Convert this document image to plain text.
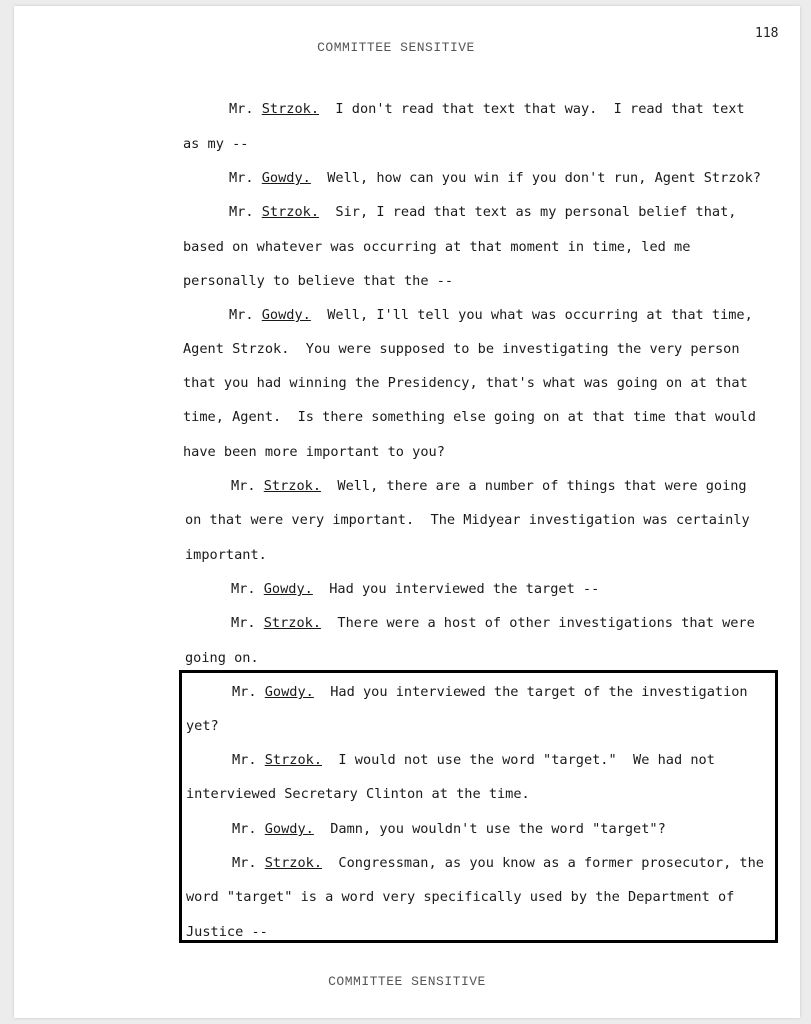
118
COMMITTEE SENSITIVE
Mr. Strzok.  I don't read that text that way.  I read that text
as my --
Mr. Gowdy.  Well, how can you win if you don't run, Agent Strzok?
Mr. Strzok.  Sir, I read that text as my personal belief that,
based on whatever was occurring at that moment in time, led me
personally to believe that the --
Mr. Gowdy.  Well, I'll tell you what was occurring at that time,
Agent Strzok.  You were supposed to be investigating the very person
that you had winning the Presidency, that's what was going on at that
time, Agent.  Is there something else going on at that time that would
have been more important to you?
Mr. Strzok.  Well, there are a number of things that were going
on that were very important.  The Midyear investigation was certainly
important.
Mr. Gowdy.  Had you interviewed the target --
Mr. Strzok.  There were a host of other investigations that were
going on.
Mr. Gowdy.  Had you interviewed the target of the investigation
yet?
Mr. Strzok.  I would not use the word "target."  We had not
interviewed Secretary Clinton at the time.
Mr. Gowdy.  Damn, you wouldn't use the word "target"?
Mr. Strzok.  Congressman, as you know as a former prosecutor, the
word "target" is a word very specifically used by the Department of
Justice --
COMMITTEE SENSITIVE
